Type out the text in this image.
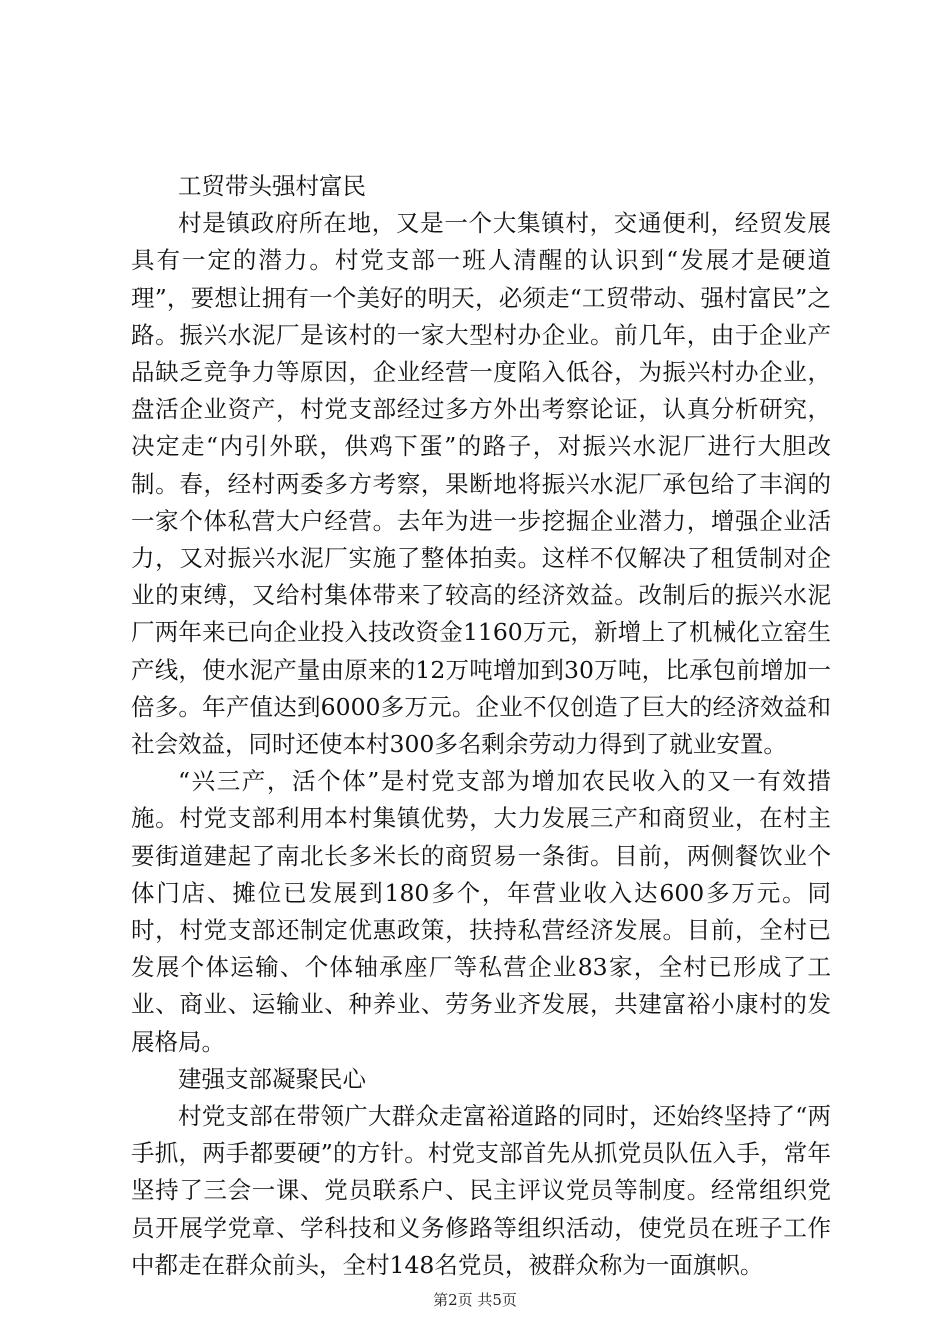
工贸带头强村富民

村是镇政府所在地，又是一个大集镇村，交通便利，经贸发展具有一定的潜力。村党支部一班人清醒的认识到“发展才是硬道理”，要想让拥有一个美好的明天，必须走“工贸带动、强村富民”之路。振兴水泥厂是该村的一家大型村办企业。前几年，由于企业产品缺乏竞争力等原因，企业经营一度陷入低谷，为振兴村办企业，盘活企业资产，村党支部经过多方外出考察论证，认真分析研究，决定走“内引外联，供鸡下蛋”的路子，对振兴水泥厂进行大胆改制。春，经村两委多方考察，果断地将振兴水泥厂承包给了丰润的一家个体私营大户经营。去年为进一步挖掘企业潜力，增强企业活力，又对振兴水泥厂实施了整体拍卖。这样不仅解决了租赁制对企业的束缚，又给村集体带来了较高的经济效益。改制后的振兴水泥厂两年来已向企业投入技改资金1160万元，新增上了机械化立窑生产线，使水泥产量由原来的12万吨增加到30万吨，比承包前增加一倍多。年产值达到6000多万元。企业不仅创造了巨大的经济效益和社会效益，同时还使本村300多名剩余劳动力得到了就业安置。

“兴三产，活个体”是村党支部为增加农民收入的又一有效措施。村党支部利用本村集镇优势，大力发展三产和商贸业，在村主要街道建起了南北长多米长的商贸易一条街。目前，两侧餐饮业个体门店、摊位已发展到180多个，年营业收入达600多万元。同时，村党支部还制定优惠政策，扶持私营经济发展。目前，全村已发展个体运输、个体轴承座厂等私营企业83家，全村已形成了工业、商业、运输业、种养业、劳务业齐发展，共建富裕小康村的发展格局。

建强支部凝聚民心

村党支部在带领广大群众走富裕道路的同时，还始终坚持了“两手抓，两手都要硬”的方针。村党支部首先从抓党员队伍入手，常年坚持了三会一课、党员联系户、民主评议党员等制度。经常组织党员开展学党章、学科技和义务修路等组织活动，使党员在班子工作中都走在群众前头，全村148名党员，被群众称为一面旗帜。

第2页 共5页
